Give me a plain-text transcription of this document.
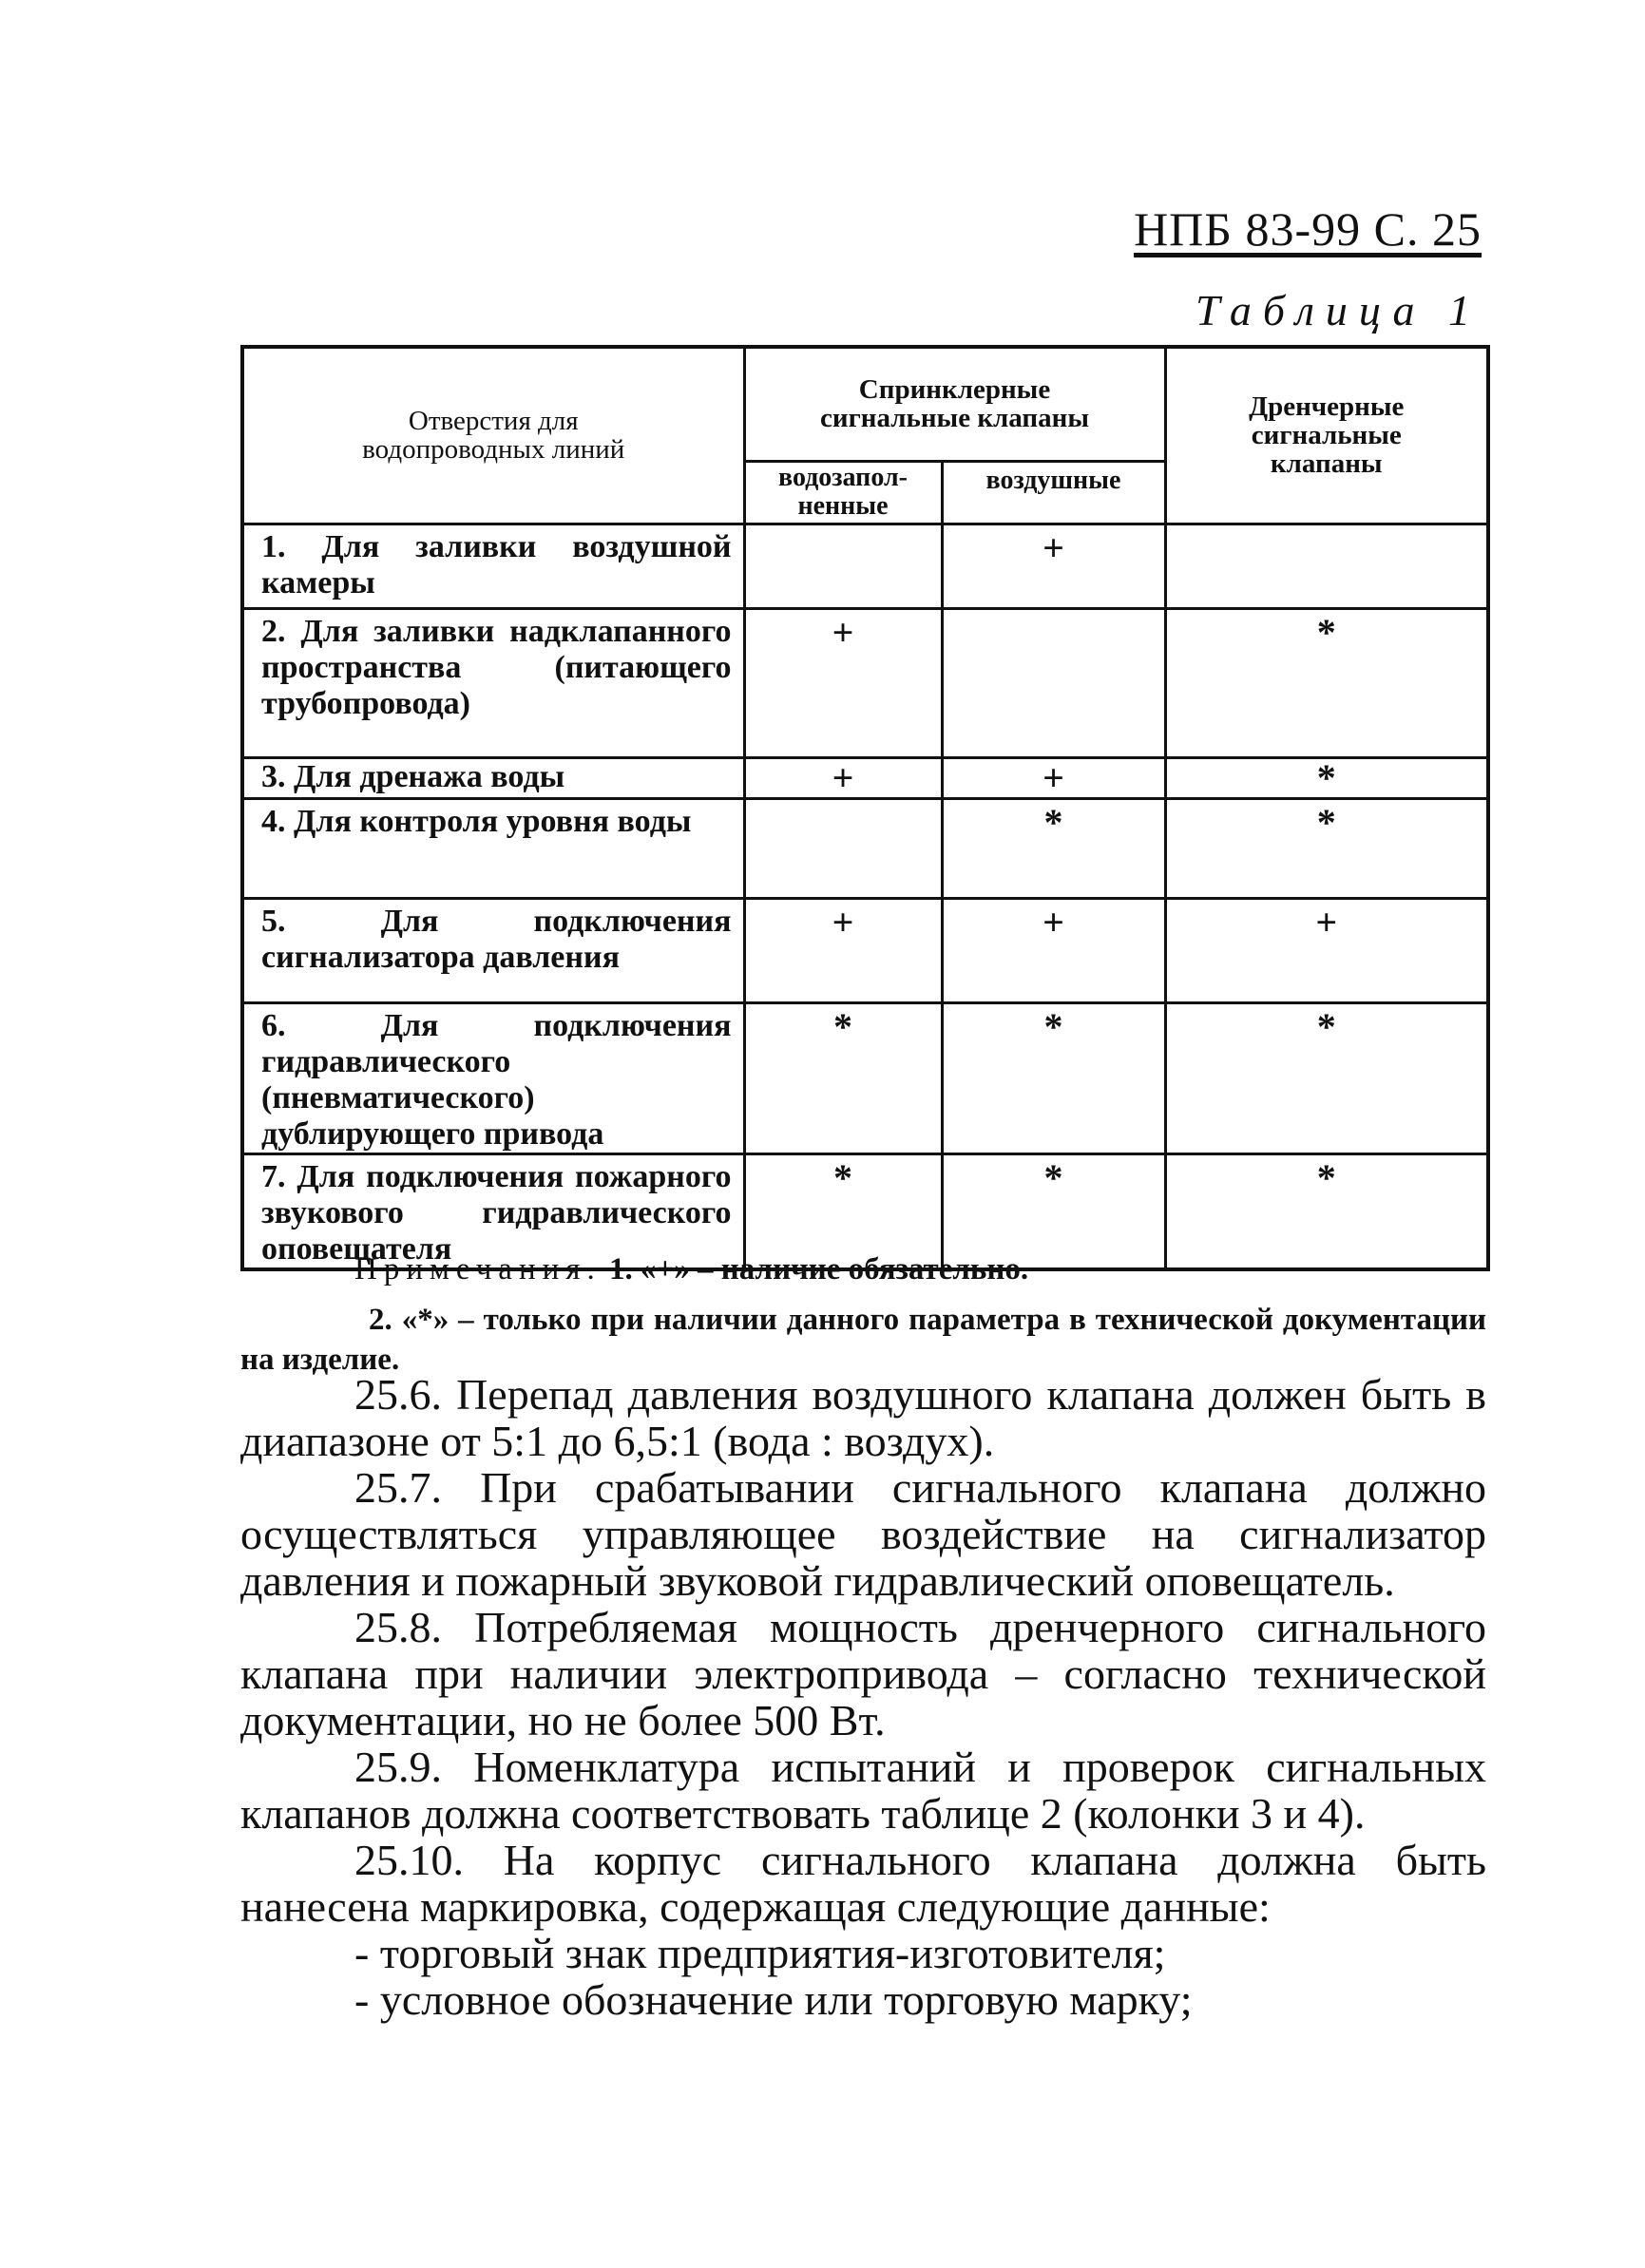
НПБ 83-99 С. 25
Таблица 1
Отверстия для водопроводных линий	Спринклерные сигнальные клапаны		Дренчерные сигнальные клапаны
	водозапол-ненные	воздушные	
1. Для заливки воздушной камеры		+	
2. Для заливки надклапанного пространства (питающего трубопровода)	+		*
3. Для дренажа воды	+	+	*
4. Для контроля уровня воды		*	*
5. Для подключения сигнализатора давления	+	+	+
6. Для подключения гидравлического (пневматического) дублирующего привода	*	*	*
7. Для подключения пожарного звукового гидравлического оповещателя	*	*	*
Примечания. 1. «+» – наличие обязательно.
2. «*» – только при наличии данного параметра в технической документации на изделие.

25.6. Перепад давления воздушного клапана должен быть в диапазоне от 5:1 до 6,5:1 (вода : воздух).

25.7. При срабатывании сигнального клапана должно осуществляться управляющее воздействие на сигнализатор давления и пожарный звуковой гидравлический оповещатель.

25.8. Потребляемая мощность дренчерного сигнального клапана при наличии электропривода – согласно технической документации, но не более 500 Вт.

25.9. Номенклатура испытаний и проверок сигнальных клапанов должна соответствовать таблице 2 (колонки 3 и 4).

25.10. На корпус сигнального клапана должна быть нанесена маркировка, содержащая следующие данные:

- торговый знак предприятия-изготовителя;

- условное обозначение или торговую марку;
